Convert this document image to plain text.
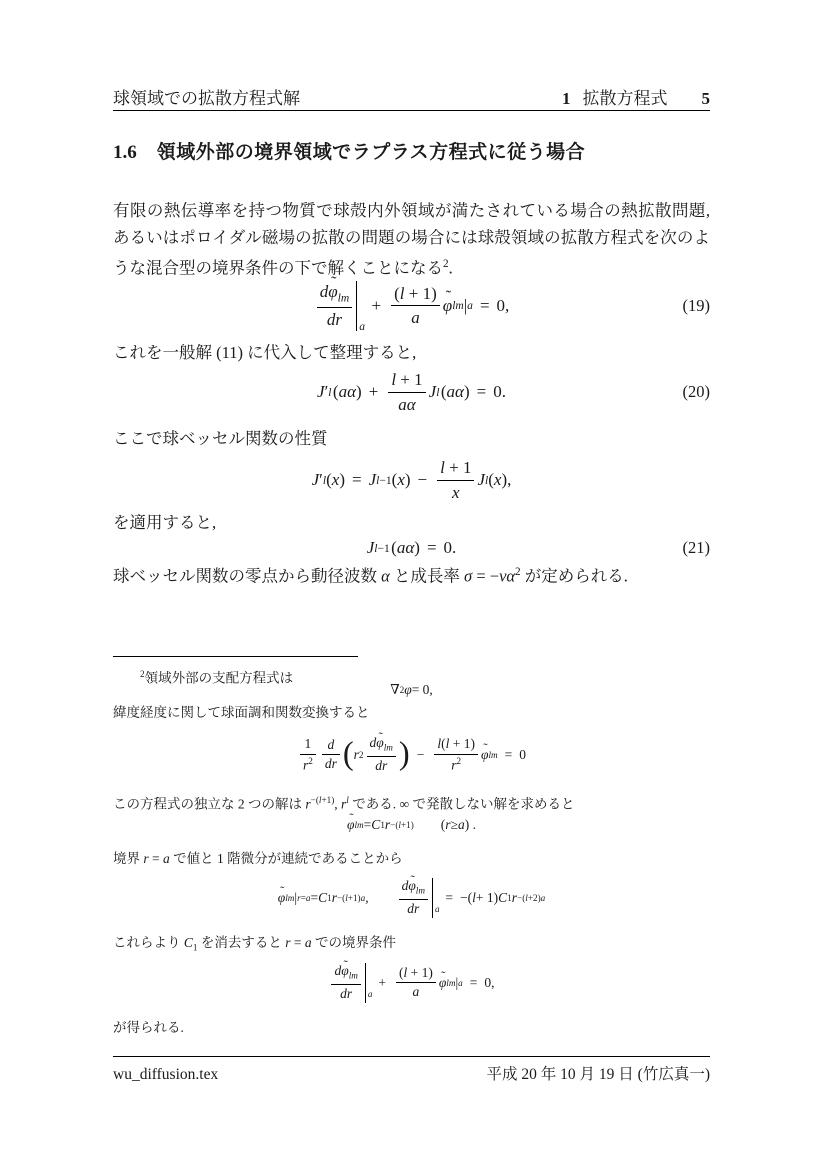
球領域での拡散方程式解	1 拡散方程式 5
1.6 領域外部の境界領域でラプラス方程式に従う場合

有限の熱伝導率を持つ物質で球殻内外領域が満たされている場合の熱拡散問題, あるいはポロイダル磁場の拡散の問題の場合には球殻領域の拡散方程式を次のような混合型の境界条件の下で解くことになる$^2$.

dφ $˜_{lm}$
dr	a
+ $\frac{(l + 1)}{a}$ φ ˜ lm | a = 0,	(19)
これを一般解 (11) に代入して整理すると,
J ′ l  ( aα ) + $\frac{l + 1}{a\alpha}$ J l  ( aα ) = 0.	(20)
ここで球ベッセル関数の性質
J ′ l ( x ) = J l−1 ( x ) − $\frac{l + 1}{x}$ J l ( x ),
を適用すると,
J l−1  ( aα ) = 0.	(21)
球ベッセル関数の零点から動径波数 α と成長率 $\sigma = -\nu\alpha^2$ が定められる.
$^2$領域外部の支配方程式は
∇ 2 φ = 0,
緯度経度に関して球面調和関数変換すると
1
$r^2$
d
dr ( r 2
dφ $˜_{lm}$
dr ) − $\frac{l(l + 1)}{r^2}$ φ ˜ lm = 0
この方程式の独立な 2 つの解は $r^{-(l+1)}$, $r^l$ である. ∞ で発散しない解を求めると
φ ˜ lm = C 1 r −(l+1) ( r ≥ a ) .
境界 r = a で値と 1 階微分が連続であることから
φ ˜ lm | r=a = C 1 r −(l+1)a ,
dφ $˜_{lm}$
dr	a
= −( l + 1) C 1 r −(l+2)a
これらより $C_1$ を消去すると r = a での境界条件
dφ $˜_{lm}$
dr	a
+ $\frac{(l + 1)}{a}$ φ ˜ lm | a = 0,
が得られる.
wu_diffusion.tex	平成 20 年 10 月 19 日 (竹広真一)
